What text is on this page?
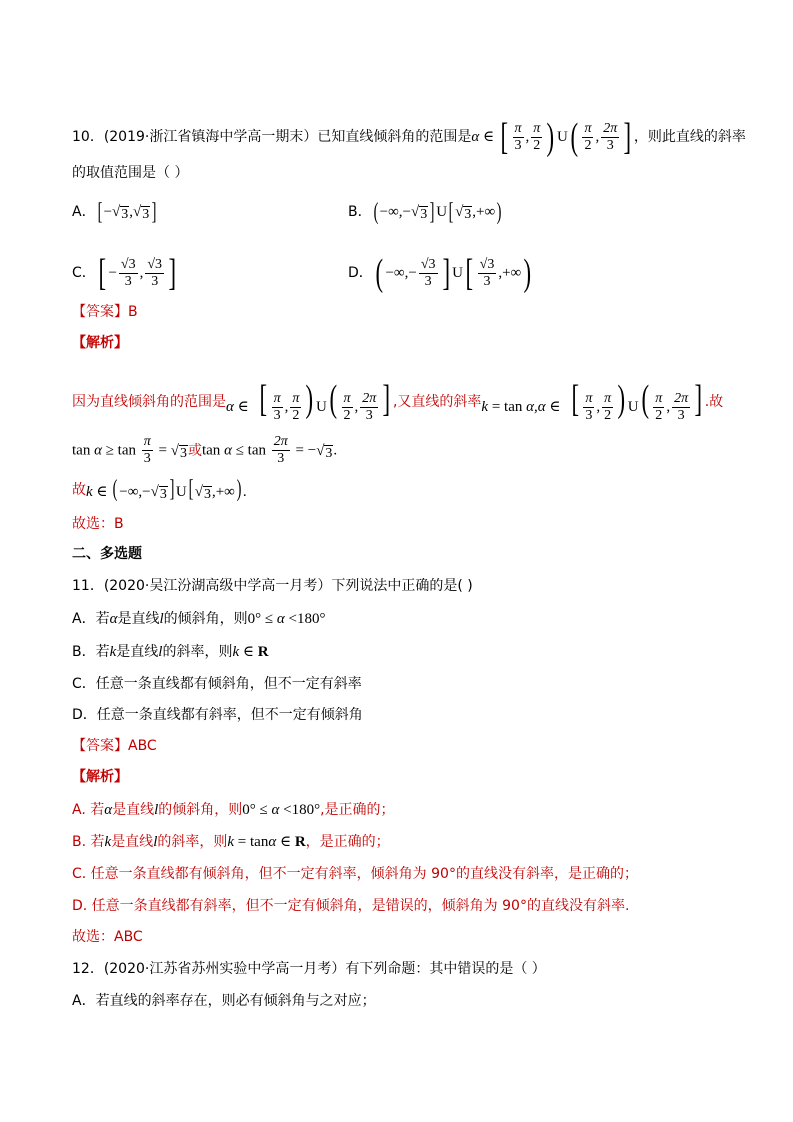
10．(2019·浙江省镇海中学高一期末）已知直线倾斜角的范围是 α ∈ [ $\frac{\pi}{3}$ , $\frac{\pi}{2}$ ) U ( $\frac{\pi}{2}$ , $\frac{2\pi}{3}$ ] ，则此直线的斜率
的取值范围是（ ）
A． [ − √ 3 , √ 3 ]	B． ( −∞,− √ 3 ] U [ √ 3 ,+∞ )
C． [ − $\frac{√3}{3}$ , $\frac{√3}{3}$ ]	D． ( −∞,− $\frac{√3}{3}$ ] U [ $\frac{√3}{3}$ ,+∞ )
【答案】B
【解析】
因为直线倾斜角的范围是 α ∈  [ $\frac{\pi}{3}$ , $\frac{\pi}{2}$ ) $U( \frac{\pi}{2}$ , $\frac{2\pi}{3}$ ] ,又直线的斜率 k = tan α,α ∈  [ $\frac{\pi}{3}$ , $\frac{\pi}{2}$ ) $U( \frac{\pi}{2}$ , $\frac{2\pi}{3}$ ] .故
$\tan \alpha \ge \tan \frac{\pi}{3}$ = √ 3 或 $\tan \alpha \le \tan \frac{2\pi}{3}$ = − √ 3 .
故 k ∈ ( −∞,− √ 3 ] U[ √ 3 ,+∞) .
故选：B
二、多选题
11．(2020·吴江汾湖高级中学高一月考）下列说法中正确的是( )
A．若 α 是直线 l 的倾斜角，则 0° ≤ α <180°
B．若 k 是直线 l 的斜率，则 k ∈ R
C．任意一条直线都有倾斜角，但不一定有斜率
D．任意一条直线都有斜率，但不一定有倾斜角
【答案】ABC
【解析】
A. 若 α 是直线 l 的倾斜角，则 0° ≤ α <180° ,是正确的；
B. 若 k 是直线 l 的斜率，则 k = tanα ∈ R ，是正确的；
C. 任意一条直线都有倾斜角，但不一定有斜率，倾斜角为 90°的直线没有斜率，是正确的；
D. 任意一条直线都有斜率，但不一定有倾斜角，是错误的，倾斜角为 90°的直线没有斜率.
故选：ABC
12．(2020·江苏省苏州实验中学高一月考）有下列命题：其中错误的是（ ）
A．若直线的斜率存在，则必有倾斜角与之对应；
